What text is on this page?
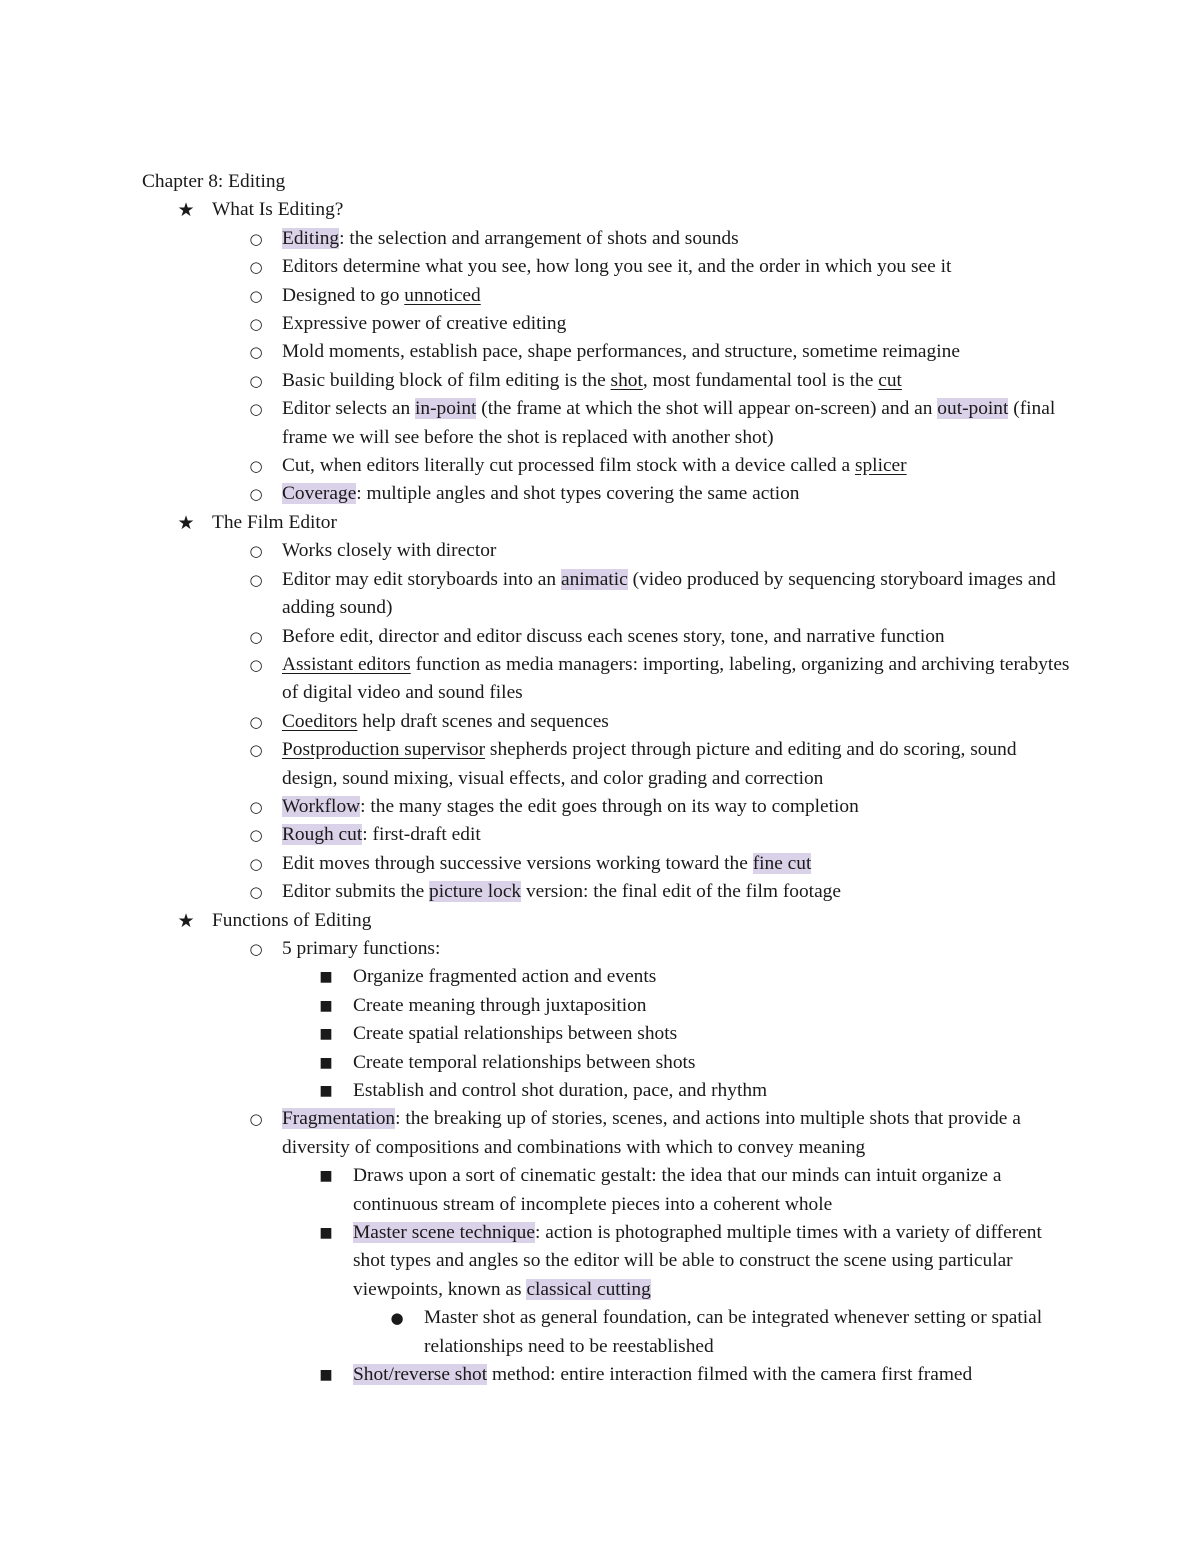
Chapter 8: Editing
★ What Is Editing?
○ Editing: the selection and arrangement of shots and sounds
○ Editors determine what you see, how long you see it, and the order in which you see it
○ Designed to go unnoticed
○ Expressive power of creative editing
○ Mold moments, establish pace, shape performances, and structure, sometime reimagine
○ Basic building block of film editing is the shot, most fundamental tool is the cut
○ Editor selects an in-point (the frame at which the shot will appear on-screen) and an out-point (final frame we will see before the shot is replaced with another shot)
○ Cut, when editors literally cut processed film stock with a device called a splicer
○ Coverage: multiple angles and shot types covering the same action
★ The Film Editor
○ Works closely with director
○ Editor may edit storyboards into an animatic (video produced by sequencing storyboard images and adding sound)
○ Before edit, director and editor discuss each scenes story, tone, and narrative function
○ Assistant editors function as media managers: importing, labeling, organizing and archiving terabytes of digital video and sound files
○ Coeditors help draft scenes and sequences
○ Postproduction supervisor shepherds project through picture and editing and do scoring, sound design, sound mixing, visual effects, and color grading and correction
○ Workflow: the many stages the edit goes through on its way to completion
○ Rough cut: first-draft edit
○ Edit moves through successive versions working toward the fine cut
○ Editor submits the picture lock version: the final edit of the film footage
★ Functions of Editing
○ 5 primary functions:
■ Organize fragmented action and events
■ Create meaning through juxtaposition
■ Create spatial relationships between shots
■ Create temporal relationships between shots
■ Establish and control shot duration, pace, and rhythm
○ Fragmentation: the breaking up of stories, scenes, and actions into multiple shots that provide a diversity of compositions and combinations with which to convey meaning
■ Draws upon a sort of cinematic gestalt: the idea that our minds can intuit organize a continuous stream of incomplete pieces into a coherent whole
■ Master scene technique: action is photographed multiple times with a variety of different shot types and angles so the editor will be able to construct the scene using particular viewpoints, known as classical cutting
● Master shot as general foundation, can be integrated whenever setting or spatial relationships need to be reestablished
■ Shot/reverse shot method: entire interaction filmed with the camera first framed
